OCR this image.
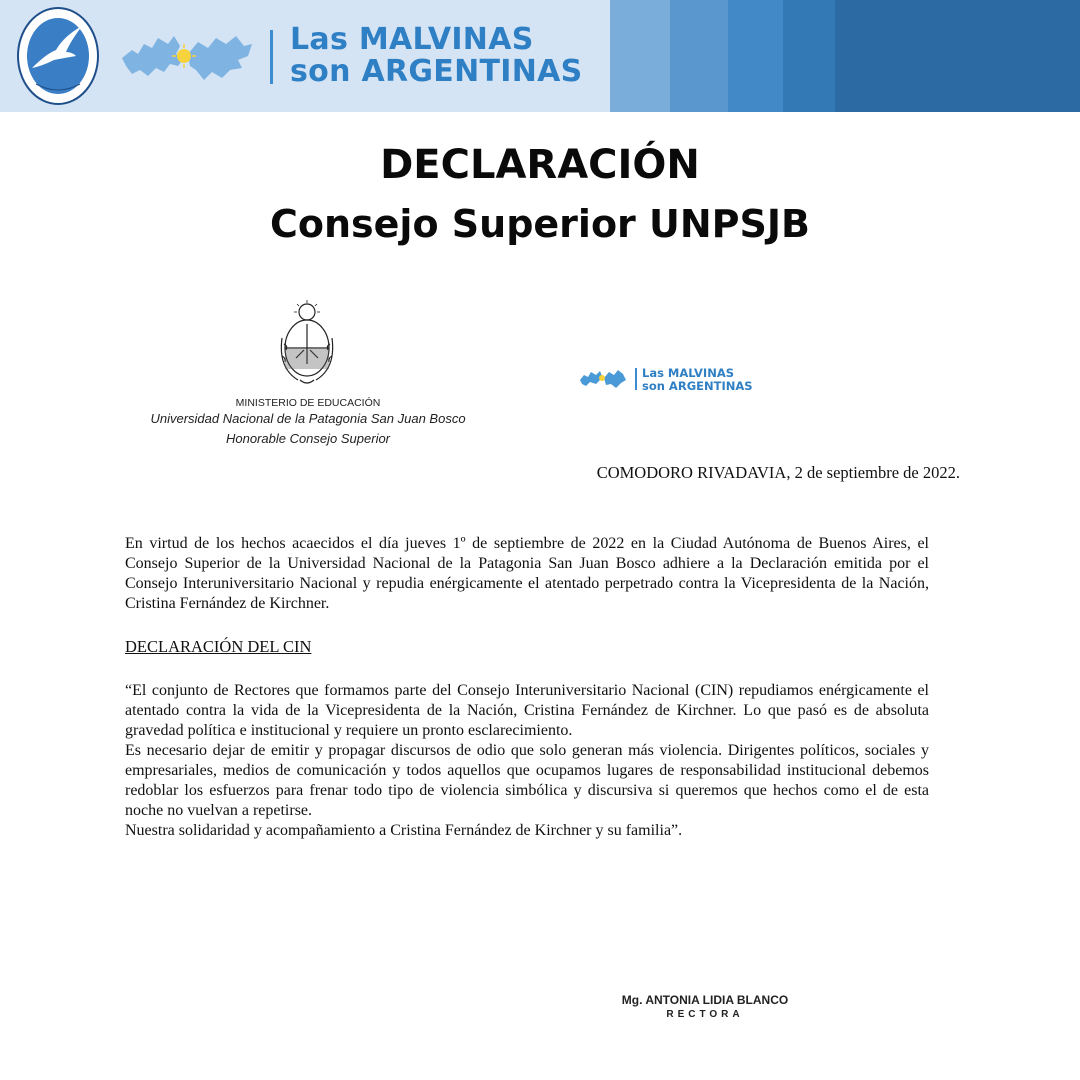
Las MALVINAS
son ARGENTINAS
DECLARACIÓN
Consejo Superior UNPSJB
MINISTERIO DE EDUCACIÓN
Universidad Nacional de la Patagonia San Juan Bosco
Honorable Consejo Superior
Las MALVINAS
son ARGENTINAS
COMODORO RIVADAVIA, 2 de septiembre de 2022.
En virtud de los hechos acaecidos el día jueves 1º de septiembre de 2022 en la Ciudad Autónoma de Buenos Aires, el Consejo Superior de la Universidad Nacional de la Patagonia San Juan Bosco adhiere a la Declaración emitida por el Consejo Interuniversitario Nacional y repudia enérgicamente el atentado perpetrado contra la Vicepresidenta de la Nación, Cristina Fernández de Kirchner.
DECLARACIÓN DEL CIN
“El conjunto de Rectores que formamos parte del Consejo Interuniversitario Nacional (CIN) repudiamos enérgicamente el atentado contra la vida de la Vicepresidenta de la Nación, Cristina Fernández de Kirchner. Lo que pasó es de absoluta gravedad política e institucional y requiere un pronto esclarecimiento.
Es necesario dejar de emitir y propagar discursos de odio que solo generan más violencia. Dirigentes políticos, sociales y empresariales, medios de comunicación y todos aquellos que ocupamos lugares de responsabilidad institucional debemos redoblar los esfuerzos para frenar todo tipo de violencia simbólica y discursiva si queremos que hechos como el de esta noche no vuelvan a repetirse.
Nuestra solidaridad y acompañamiento a Cristina Fernández de Kirchner y su familia”.
Mg. ANTONIA LIDIA BLANCO
RECTORA
